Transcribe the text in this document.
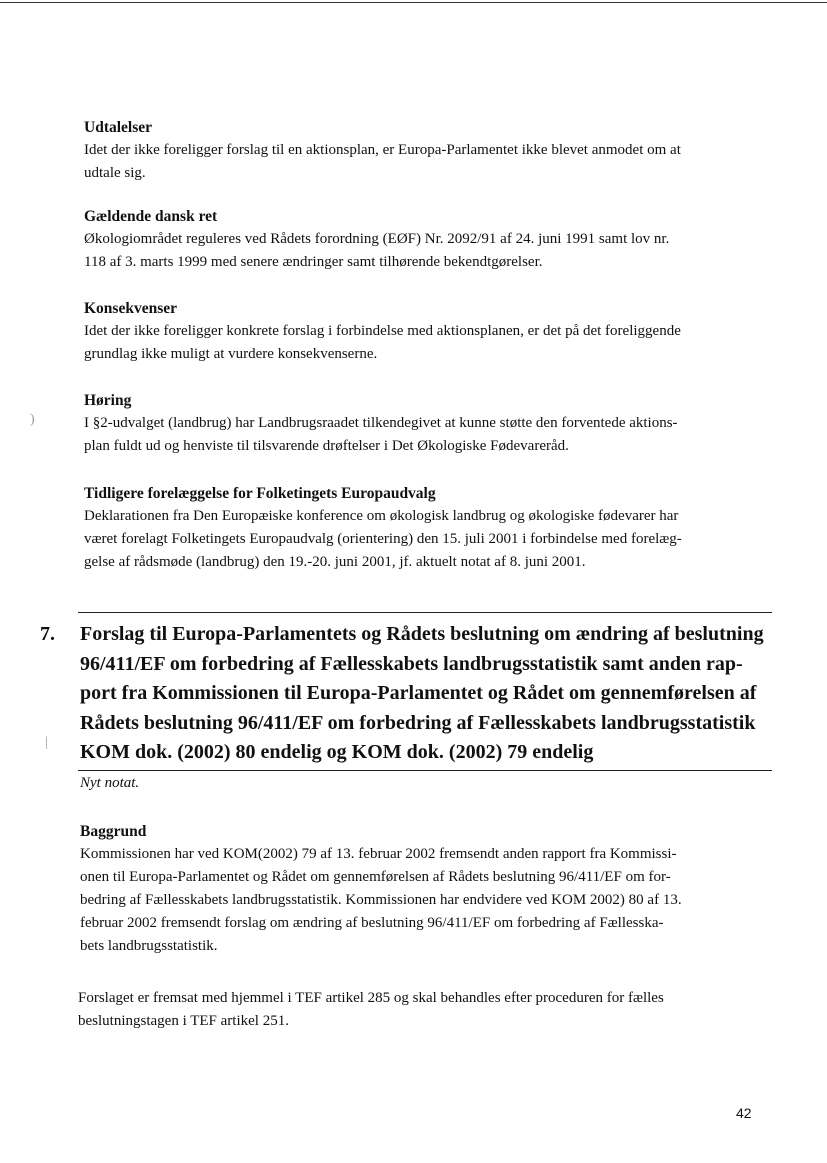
)
|

Udtalelser

Idet der ikke foreligger forslag til en aktionsplan, er Europa-Parlamentet ikke blevet anmodet om at

udtale sig.

Gældende dansk ret

Økologiområdet reguleres ved Rådets forordning (EØF) Nr. 2092/91 af 24. juni 1991 samt lov nr.

118 af 3. marts 1999 med senere ændringer samt tilhørende bekendtgørelser.

Konsekvenser

Idet der ikke foreligger konkrete forslag i forbindelse med aktionsplanen, er det på det foreliggende

grundlag ikke muligt at vurdere konsekvenserne.

Høring

I §2-udvalget (landbrug) har Landbrugsraadet tilkendegivet at kunne støtte den forventede aktions-

plan fuldt ud og henviste til tilsvarende drøftelser i Det Økologiske Fødevareråd.

Tidligere forelæggelse for Folketingets Europaudvalg

Deklarationen fra Den Europæiske konference om økologisk landbrug og økologiske fødevarer har

været forelagt Folketingets Europaudvalg (orientering) den 15. juli 2001 i forbindelse med forelæg-

gelse af rådsmøde (landbrug) den 19.-20. juni 2001, jf. aktuelt notat af 8. juni 2001.

7. Forslag til Europa-Parlamentets og Rådets beslutning om ændring af beslutning
96/411/EF om forbedring af Fællesskabets landbrugsstatistik samt anden rap-
port fra Kommissionen til Europa-Parlamentet og Rådet om gennemførelsen af
Rådets beslutning 96/411/EF om forbedring af Fællesskabets landbrugsstatistik
KOM dok. (2002) 80 endelig og KOM dok. (2002) 79 endelig

Nyt notat.

Baggrund

Kommissionen har ved KOM(2002) 79 af 13. februar 2002 fremsendt anden rapport fra Kommissi-

onen til Europa-Parlamentet og Rådet om gennemførelsen af Rådets beslutning 96/411/EF om for-

bedring af Fællesskabets landbrugsstatistik. Kommissionen har endvidere ved KOM 2002) 80 af 13.

februar 2002 fremsendt forslag om ændring af beslutning 96/411/EF om forbedring af Fællesska-

bets landbrugsstatistik.

Forslaget er fremsat med hjemmel i TEF artikel 285 og skal behandles efter proceduren for fælles

beslutningstagen i TEF artikel 251.

42
